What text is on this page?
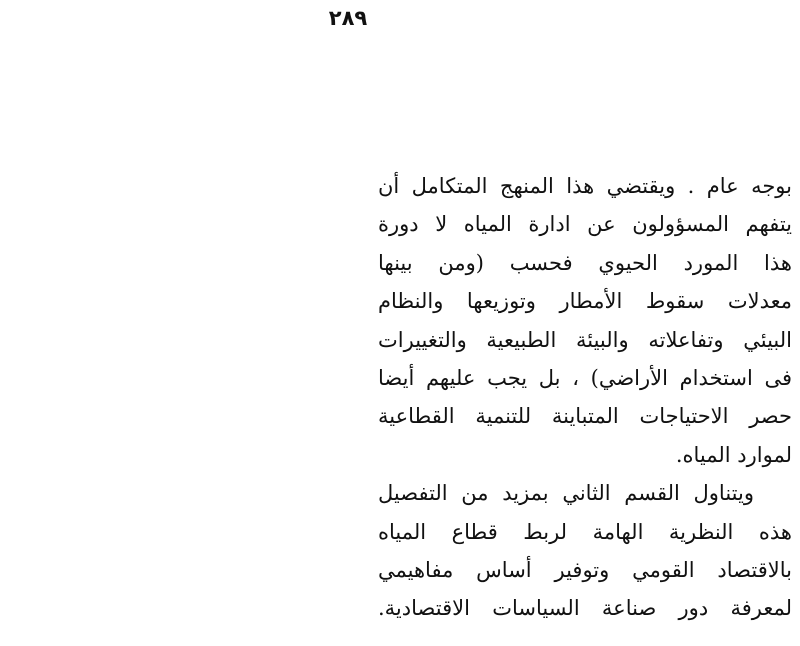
٢٨٩
بوجه عام . ويقتضي هذا المنهج المتكامل أن
يتفهم المسؤولون عن ادارة المياه لا دورة
هذا المورد الحيوي فحسب (ومن بينها
معدلات سقوط الأمطار وتوزيعها والنظام
البيئي وتفاعلاته والبيئة الطبيعية والتغييرات
فى استخدام الأراضي) ، بل يجب عليهم أيضا
حصر الاحتياجات المتباينة للتنمية القطاعية
لموارد المياه.
ويتناول القسم الثاني بمزيد من التفصيل
هذه النظرية الهامة لربط قطاع المياه
بالاقتصاد القومي وتوفير أساس مفاهيمي
لمعرفة دور صناعة السياسات الاقتصادية.
